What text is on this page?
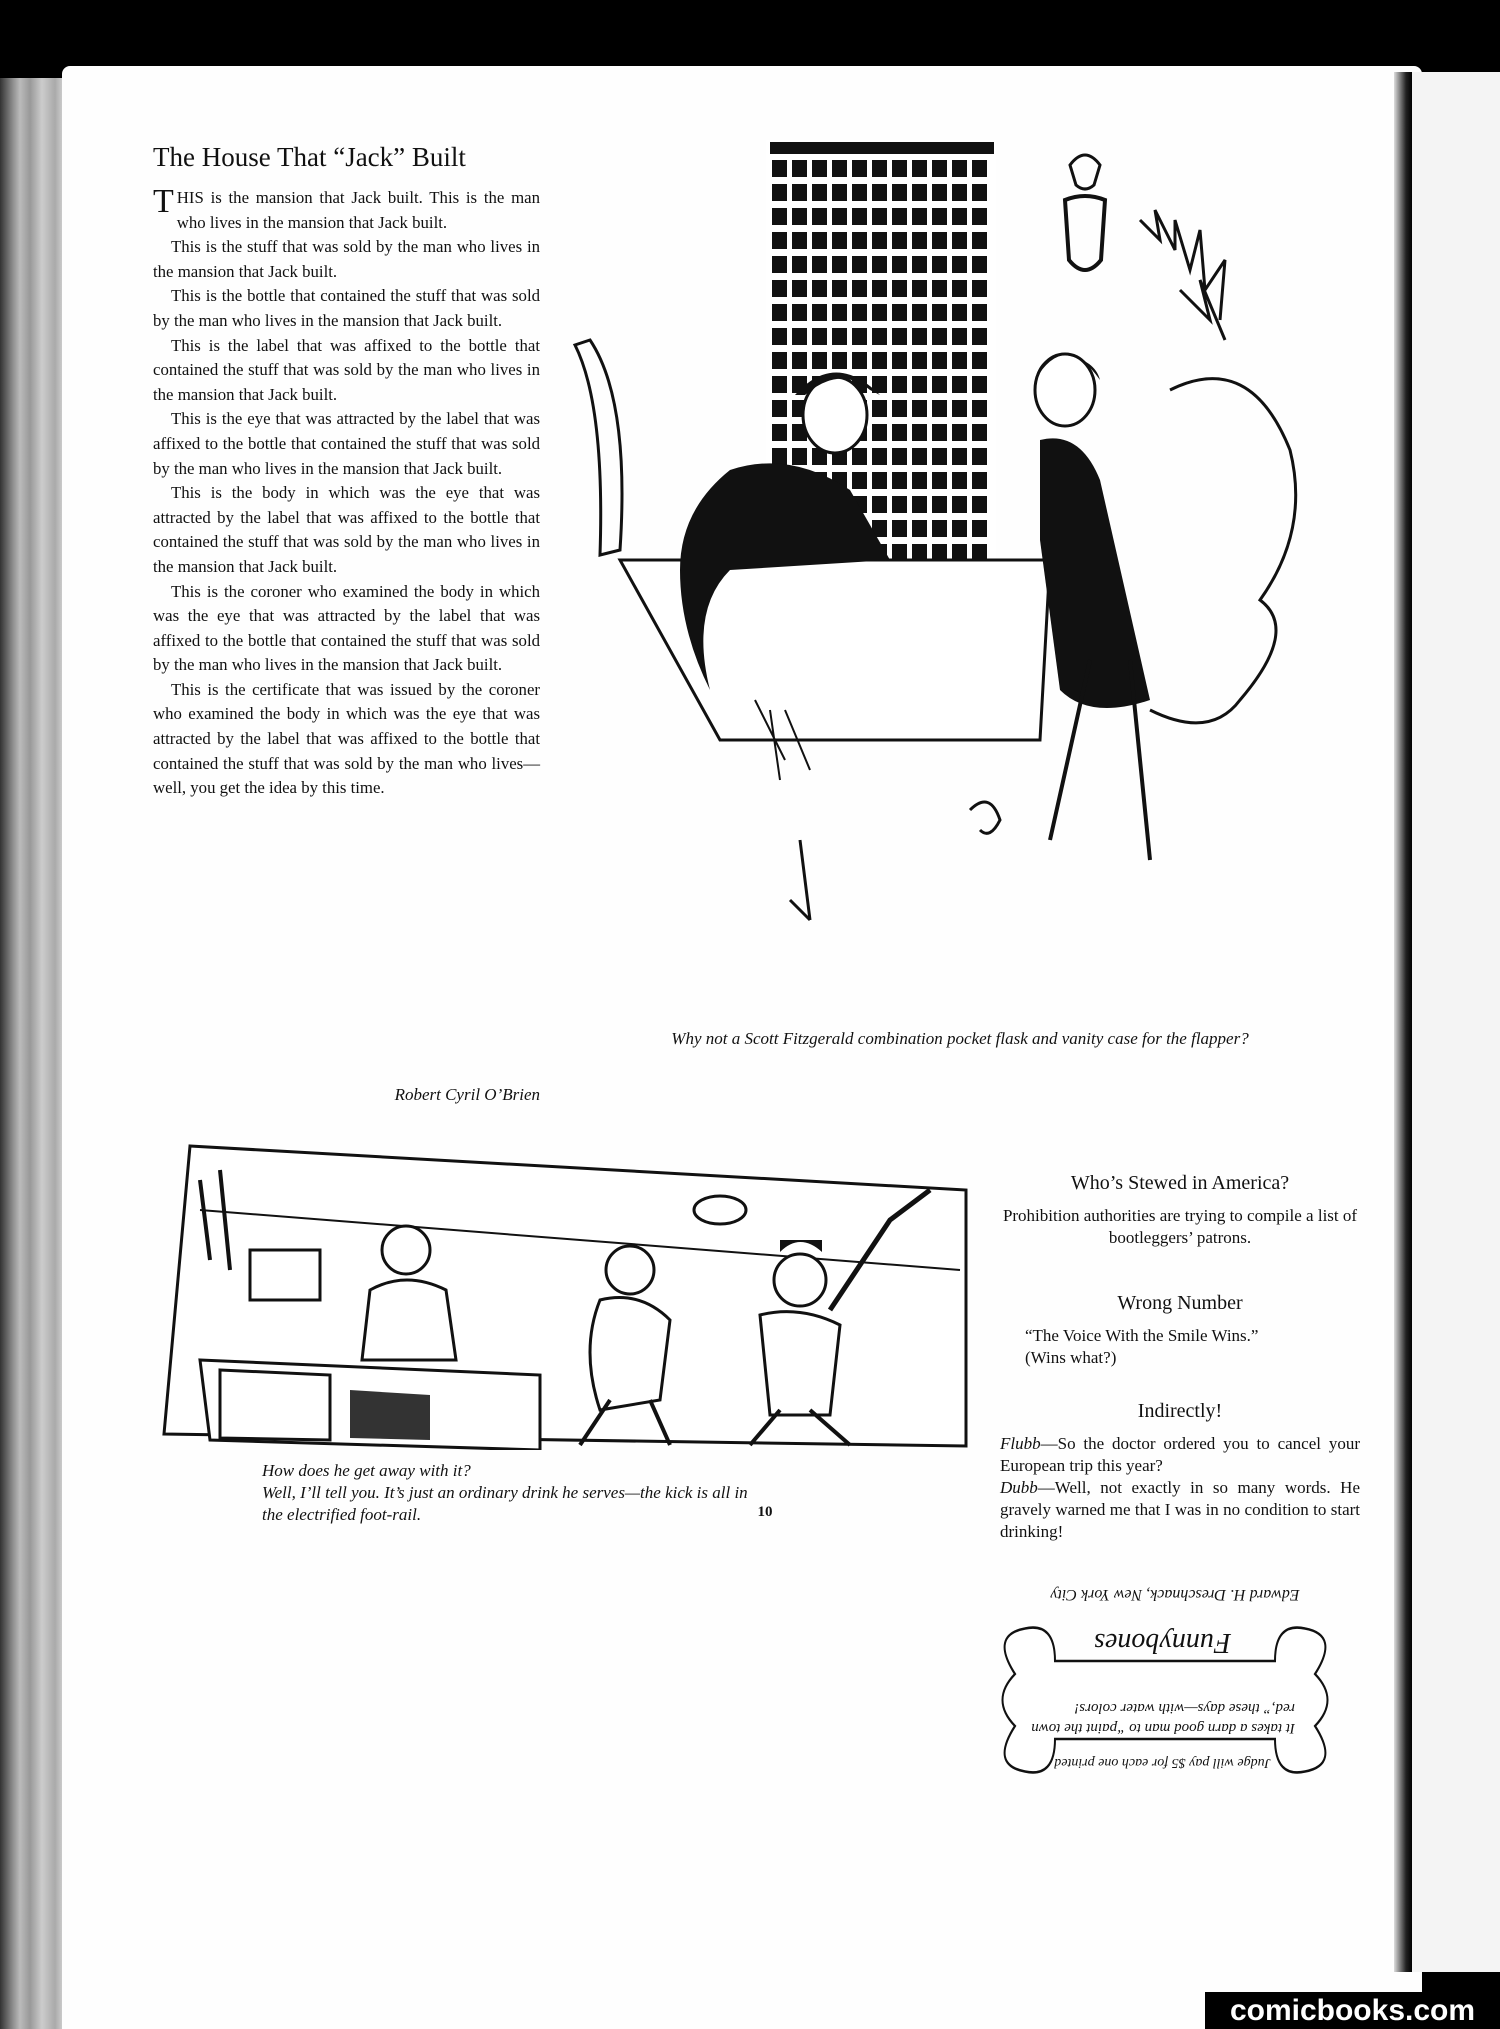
The House That “Jack” Built

THIS is the mansion that Jack built. This is the man who lives in the mansion that Jack built.

This is the stuff that was sold by the man who lives in the mansion that Jack built.

This is the bottle that contained the stuff that was sold by the man who lives in the mansion that Jack built.

This is the label that was affixed to the bottle that contained the stuff that was sold by the man who lives in the mansion that Jack built.

This is the eye that was attracted by the label that was affixed to the bottle that contained the stuff that was sold by the man who lives in the mansion that Jack built.

This is the body in which was the eye that was attracted by the label that was affixed to the bottle that contained the stuff that was sold by the man who lives in the mansion that Jack built.

This is the coroner who examined the body in which was the eye that was attracted by the label that was affixed to the bottle that contained the stuff that was sold by the man who lives in the mansion that Jack built.

This is the certificate that was issued by the coroner who examined the body in which was the eye that was attracted by the label that was affixed to the bottle that contained the stuff that was sold by the man who lives—well, you get the idea by this time.

Robert Cyril O’Brien
Why not a Scott Fitzgerald combination pocket flask and vanity case for the flapper?
How does he get away with it?
Well, I’ll tell you. It’s just an ordinary drink he serves—the kick is all in the electrified foot-rail.
Who’s Stewed in America?
Prohibition authorities are trying to compile a list of bootleggers’ patrons.
Wrong Number
“The Voice With the Smile Wins.”
(Wins what?)
Indirectly!
Flubb—So the doctor ordered you to cancel your European trip this year?
Dubb—Well, not exactly in so many words. He gravely warned me that I was in no condition to start drinking!
Edward H. Dreschnack, New York City
Funnybones
It takes a darn good man to “paint the town red,” these days—with water colors!
Judge will pay $5 for each one printed
10
comicbooks.com
